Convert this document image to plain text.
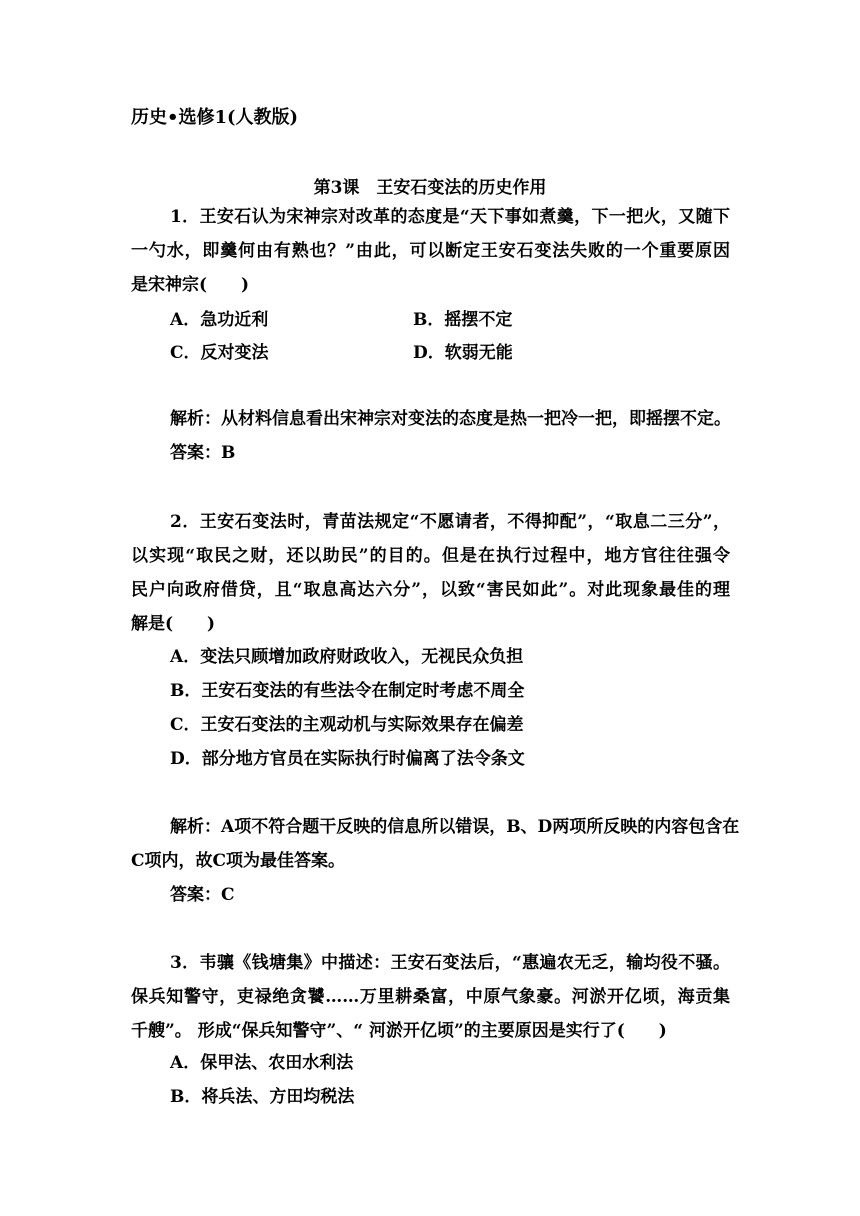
历史•选修1(人教版)
第3课　王安石变法的历史作用
1．王安石认为宋神宗对改革的态度是“天下事如煮羹，下一把火，又随下
一勺水，即羹何由有熟也？”由此，可以断定王安石变法失败的一个重要原因
是宋神宗(　　)
A．急功近利	B．摇摆不定
C．反对变法	D．软弱无能
解析：从材料信息看出宋神宗对变法的态度是热一把冷一把，即摇摆不定。
答案：B
2．王安石变法时，青苗法规定“不愿请者，不得抑配”，“取息二三分”，
以实现“取民之财，还以助民”的目的。但是在执行过程中，地方官往往强令
民户向政府借贷，且“取息高达六分”，以致“害民如此”。对此现象最佳的理
解是(　　)
A．变法只顾增加政府财政收入，无视民众负担
B．王安石变法的有些法令在制定时考虑不周全
C．王安石变法的主观动机与实际效果存在偏差
D．部分地方官员在实际执行时偏离了法令条文
解析：A项不符合题干反映的信息所以错误，B、D两项所反映的内容包含在
C项内，故C项为最佳答案。
答案：C
3．韦骧《钱塘集》中描述：王安石变法后，“惠遍农无乏，输均役不骚。
保兵知警守，吏禄绝贪饕……万里耕桑富，中原气象豪。河淤开亿顷，海贡集
千艘”。 形成“保兵知警守”、“ 河淤开亿顷”的主要原因是实行了(　　)
A．保甲法、农田水利法
B．将兵法、方田均税法
